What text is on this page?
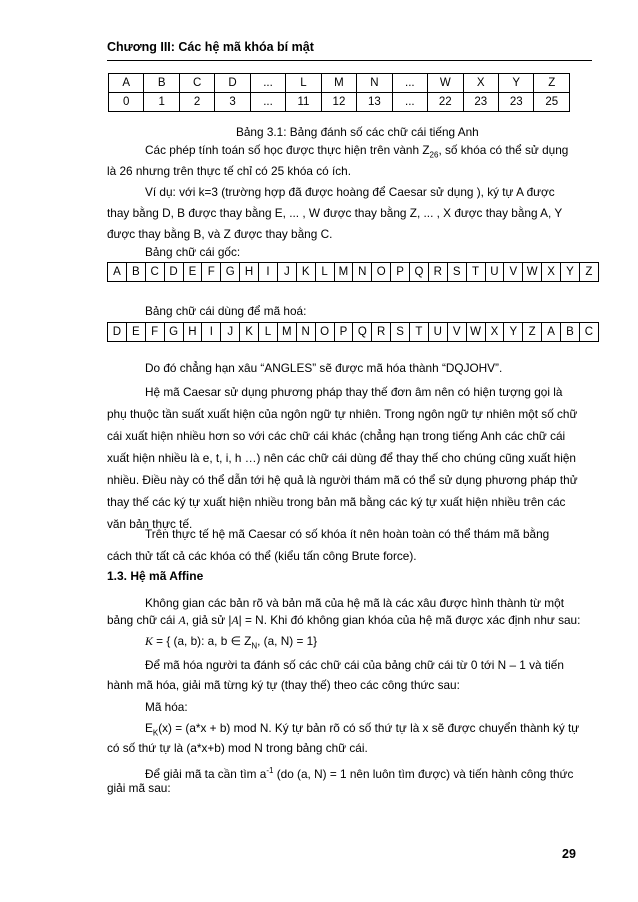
Chương III: Các hệ mã khóa bí mật
A	B	C	D	...	L	M	N	...	W	X	Y	Z
0	1	2	3	...	11	12	13	...	22	23	23	25
Bảng 3.1: Bảng đánh số các chữ cái tiếng Anh
Các phép tính toán số học được thực hiện trên vành $Z_{26}$, số khóa có thể sử dụng
là 26 nhưng trên thực tế chỉ có 25 khóa có ích.
Ví dụ: với k=3 (trường hợp đã được hoàng để Caesar sử dụng ), ký tự A được
thay bằng D, B được thay bằng E, ... , W được thay bằng Z, ... , X được thay bằng A, Y
được thay bằng B, và Z được thay bằng C.
Bảng chữ cái gốc:
A	B	C	D	E	F	G	H	I	J	K	L	M	N	O	P	Q	R	S	T	U	V	W	X	Y	Z
Bảng chữ cái dùng để mã hoá:
D	E	F	G	H	I	J	K	L	M	N	O	P	Q	R	S	T	U	V	W	X	Y	Z	A	B	C
Do đó chẳng hạn xâu “ANGLES” sẽ được mã hóa thành “DQJOHV”.
Hệ mã Caesar sử dụng phương pháp thay thế đơn âm nên có hiện tượng gọi là
phụ thuộc tần suất xuất hiện của ngôn ngữ tự nhiên. Trong ngôn ngữ tự nhiên một số chữ
cái xuất hiện nhiều hơn so với các chữ cái khác (chẳng hạn trong tiếng Anh các chữ cái
xuất hiện nhiều là e, t, i, h …) nên các chữ cái dùng để thay thế cho chúng cũng xuất hiện
nhiều. Điều này có thể dẫn tới hệ quả là người thám mã có thể sử dụng phương pháp thử
thay thế các ký tự xuất hiện nhiều trong bản mã bằng các ký tự xuất hiện nhiều trên các
văn bản thực tế.
Trên thực tế hệ mã Caesar có số khóa ít nên hoàn toàn có thể thám mã bằng
cách thử tất cả các khóa có thể (kiểu tấn công Brute force).
1.3. Hệ mã Affine
Không gian các bản rõ và bản mã của hệ mã là các xâu được hình thành từ một
bảng chữ cái A, giả sử |A| = N. Khi đó không gian khóa của hệ mã được xác định như sau:
K = { (a, b): a, b ∈ $Z_N$, (a, N) = 1}
Để mã hóa người ta đánh số các chữ cái của bảng chữ cái từ 0 tới N – 1 và tiến
hành mã hóa, giải mã từng ký tự (thay thế) theo các công thức sau:
Mã hóa:
$E_K(x) = (a*x + b)$ mod N. Ký tự bản rõ có số thứ tự là x sẽ được chuyển thành ký tự
có số thứ tự là (a*x+b) mod N trong bảng chữ cái.
Để giải mã ta cần tìm $a^{-1}$ (do (a, N) = 1 nên luôn tìm được) và tiến hành công thức
giải mã sau:
29
